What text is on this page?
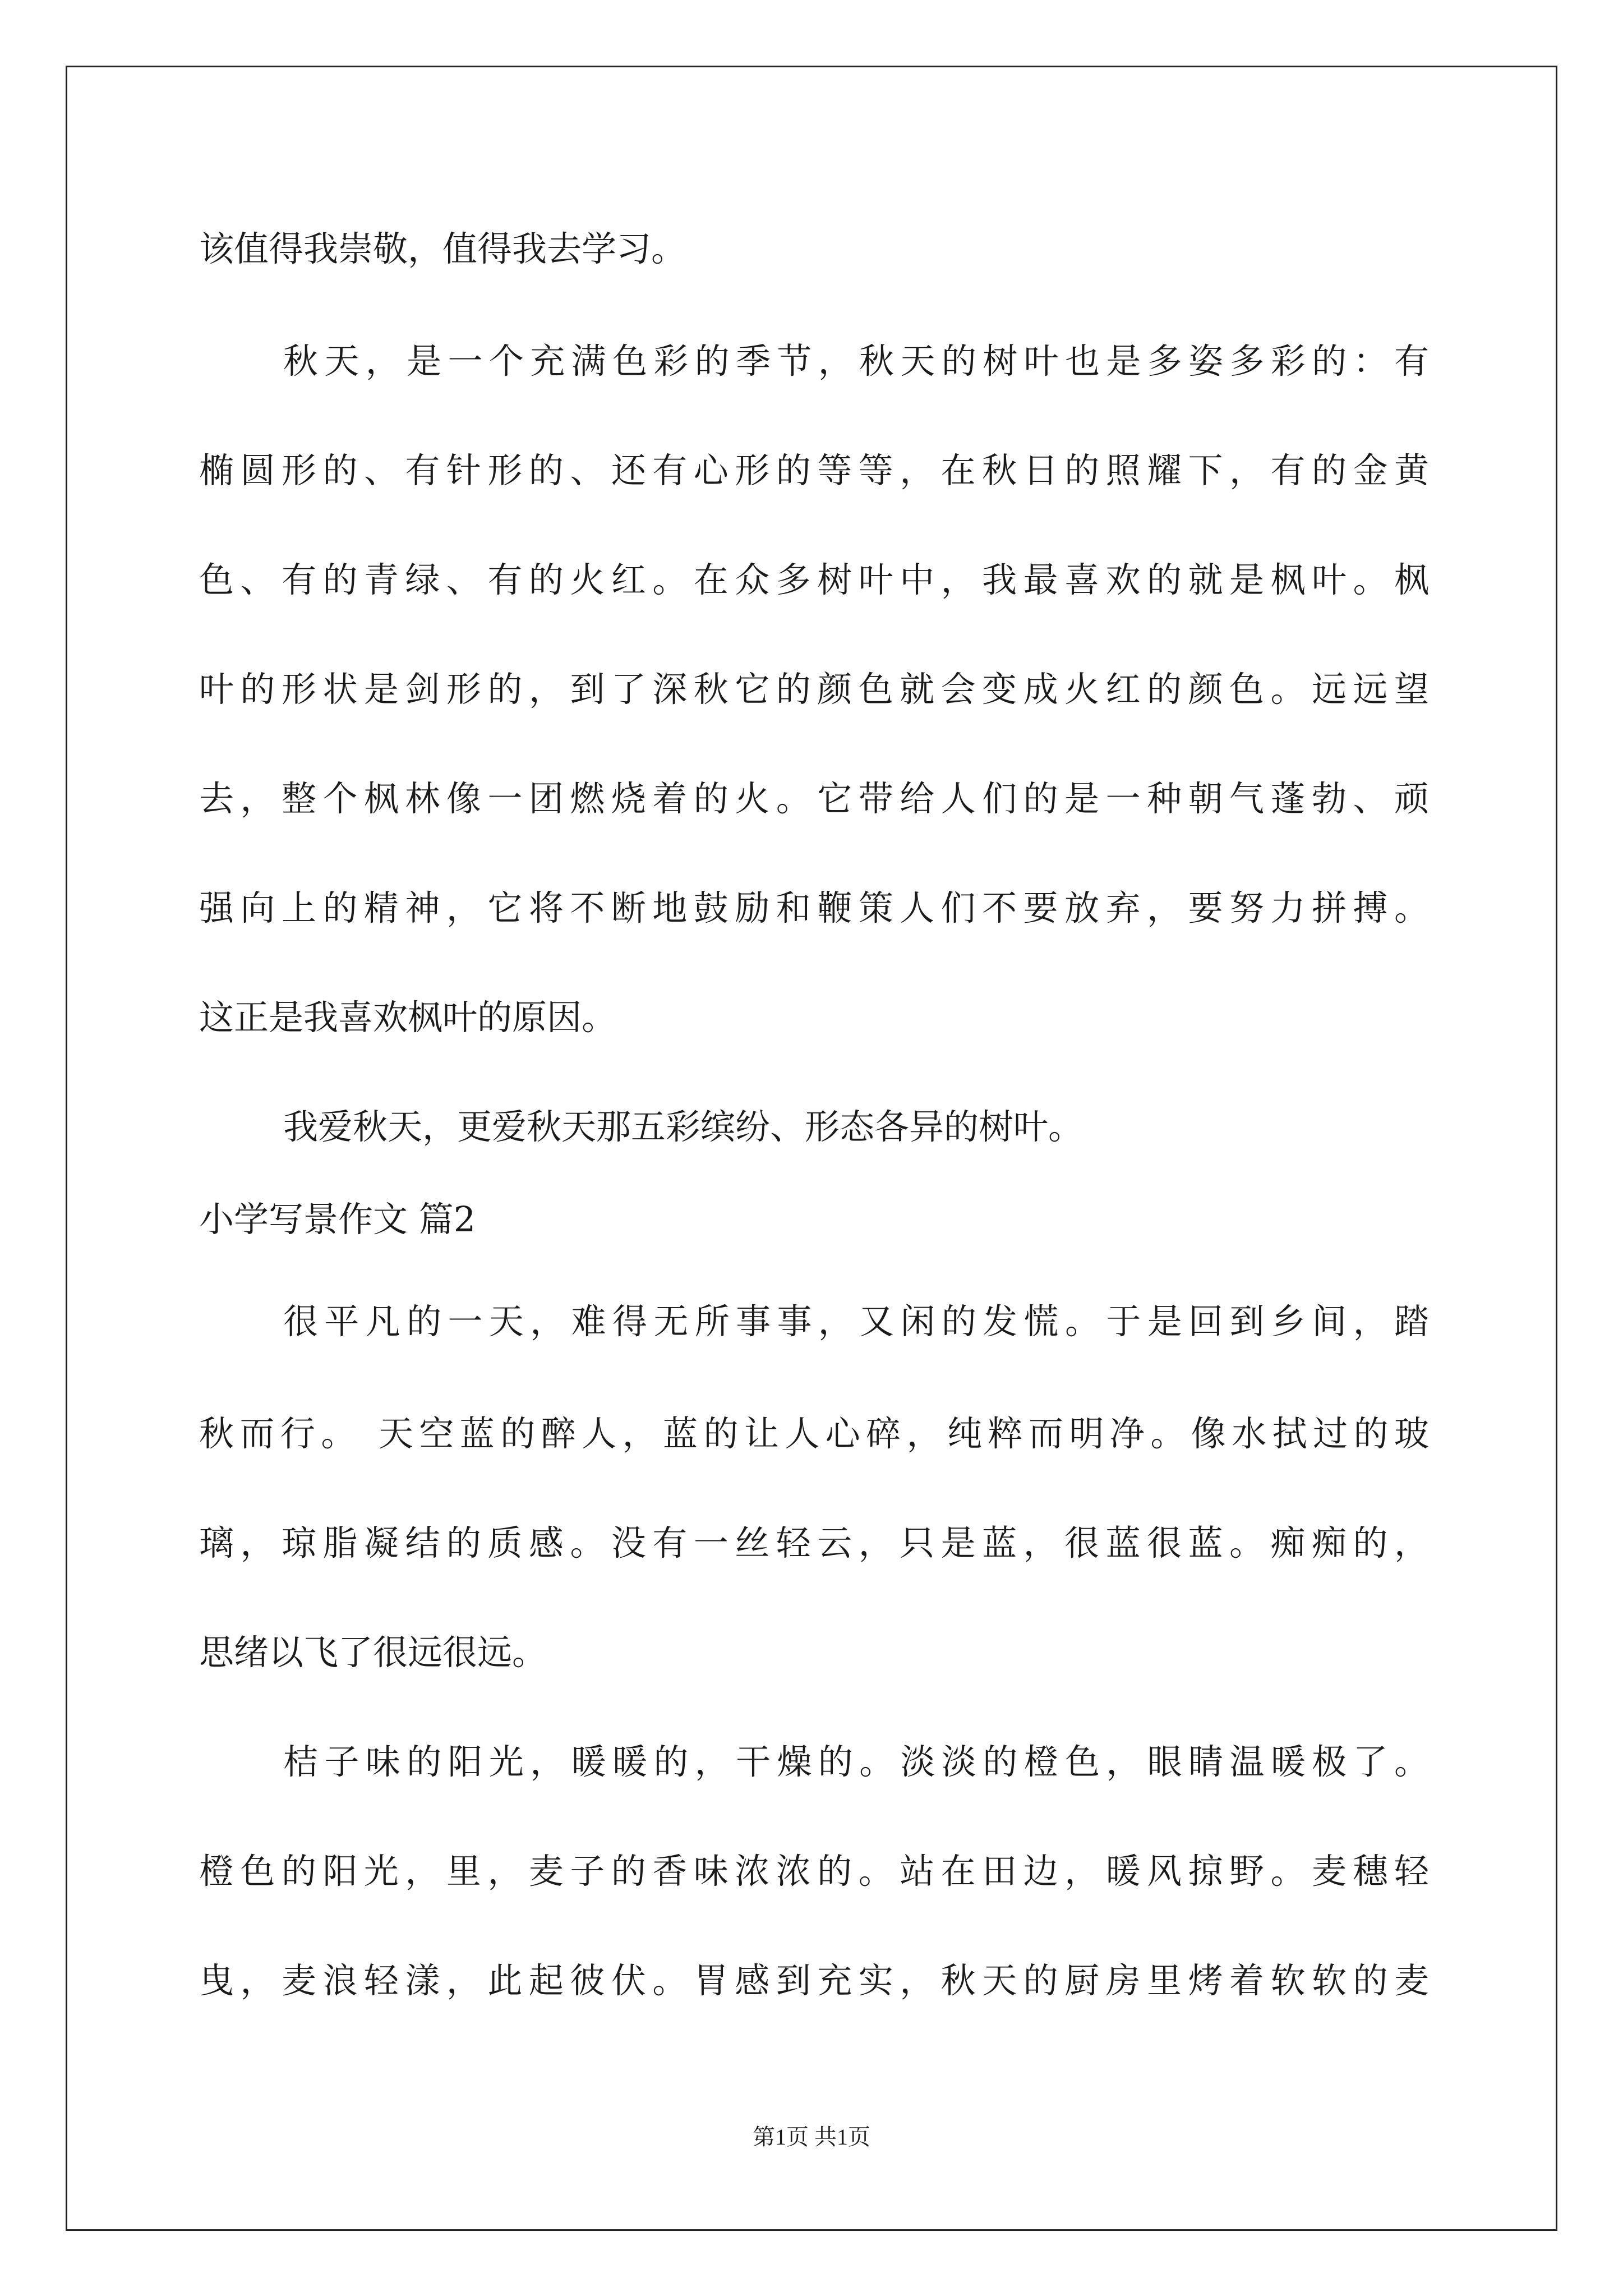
该值得我崇敬，值得我去学习。
秋天，是一个充满色彩的季节，秋天的树叶也是多姿多彩的：有
椭圆形的、有针形的、还有心形的等等，在秋日的照耀下，有的金黄
色、有的青绿、有的火红。在众多树叶中，我最喜欢的就是枫叶。枫
叶的形状是剑形的，到了深秋它的颜色就会变成火红的颜色。远远望
去，整个枫林像一团燃烧着的火。它带给人们的是一种朝气蓬勃、顽
强向上的精神，它将不断地鼓励和鞭策人们不要放弃，要努力拼搏。
这正是我喜欢枫叶的原因。
我爱秋天，更爱秋天那五彩缤纷、形态各异的树叶。
小学写景作文 篇2
很平凡的一天，难得无所事事，又闲的发慌。于是回到乡间，踏
秋而行。 天空蓝的醉人，蓝的让人心碎，纯粹而明净。像水拭过的玻
璃，琼脂凝结的质感。没有一丝轻云，只是蓝，很蓝很蓝。痴痴的，
思绪以飞了很远很远。
桔子味的阳光，暖暖的，干燥的。淡淡的橙色，眼睛温暖极了。
橙色的阳光，里，麦子的香味浓浓的。站在田边，暖风掠野。麦穗轻
曳，麦浪轻漾，此起彼伏。胃感到充实，秋天的厨房里烤着软软的麦
第1页 共1页
